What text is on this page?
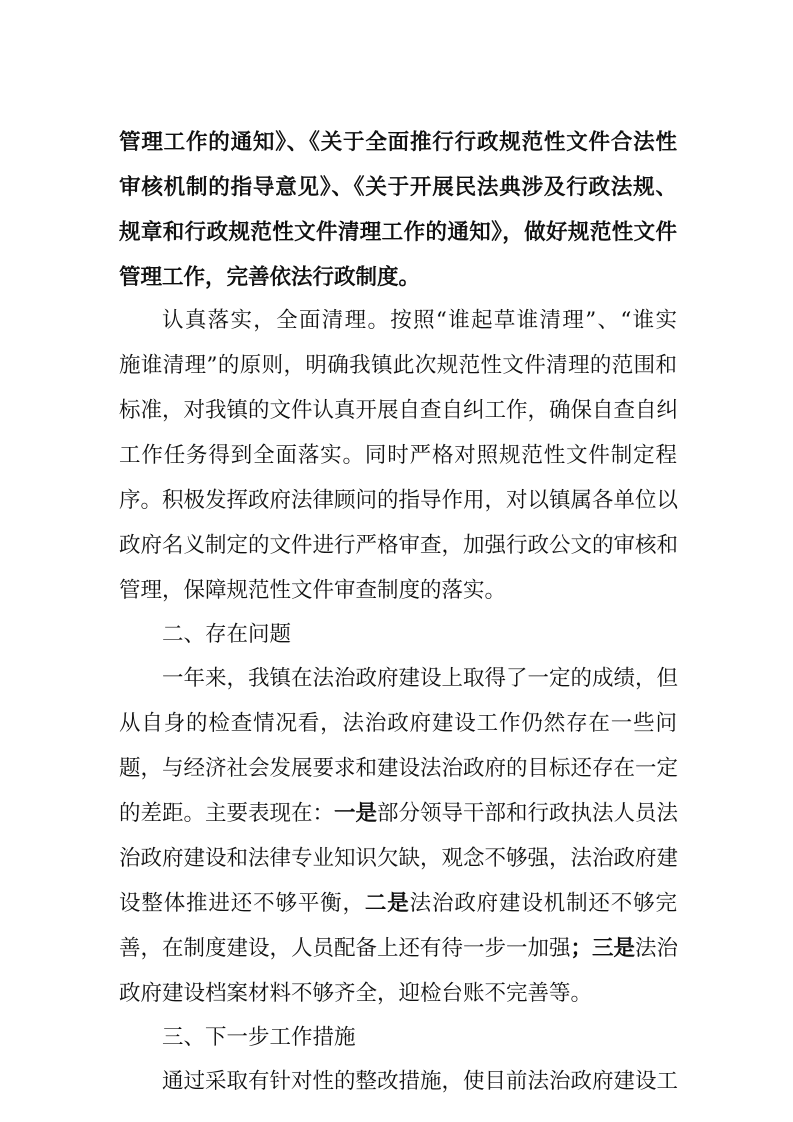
管理工作的通知》、《关于全面推行行政规范性文件合法性
审核机制的指导意见》、《关于开展民法典涉及行政法规、
规章和行政规范性文件清理工作的通知》，做好规范性文件
管理工作，完善依法行政制度。
认真落实，全面清理。按照“谁起草谁清理”、“谁实
施谁清理”的原则，明确我镇此次规范性文件清理的范围和
标准，对我镇的文件认真开展自查自纠工作，确保自查自纠
工作任务得到全面落实。同时严格对照规范性文件制定程
序。积极发挥政府法律顾问的指导作用，对以镇属各单位以
政府名义制定的文件进行严格审查，加强行政公文的审核和
管理，保障规范性文件审查制度的落实。
二、存在问题
一年来，我镇在法治政府建设上取得了一定的成绩，但
从自身的检查情况看，法治政府建设工作仍然存在一些问
题，与经济社会发展要求和建设法治政府的目标还存在一定
的差距。主要表现在：一是部分领导干部和行政执法人员法
治政府建设和法律专业知识欠缺，观念不够强，法治政府建
设整体推进还不够平衡，二是法治政府建设机制还不够完
善，在制度建设，人员配备上还有待一步一加强；三是法治
政府建设档案材料不够齐全，迎检台账不完善等。
三、下一步工作措施
通过采取有针对性的整改措施，使目前法治政府建设工
